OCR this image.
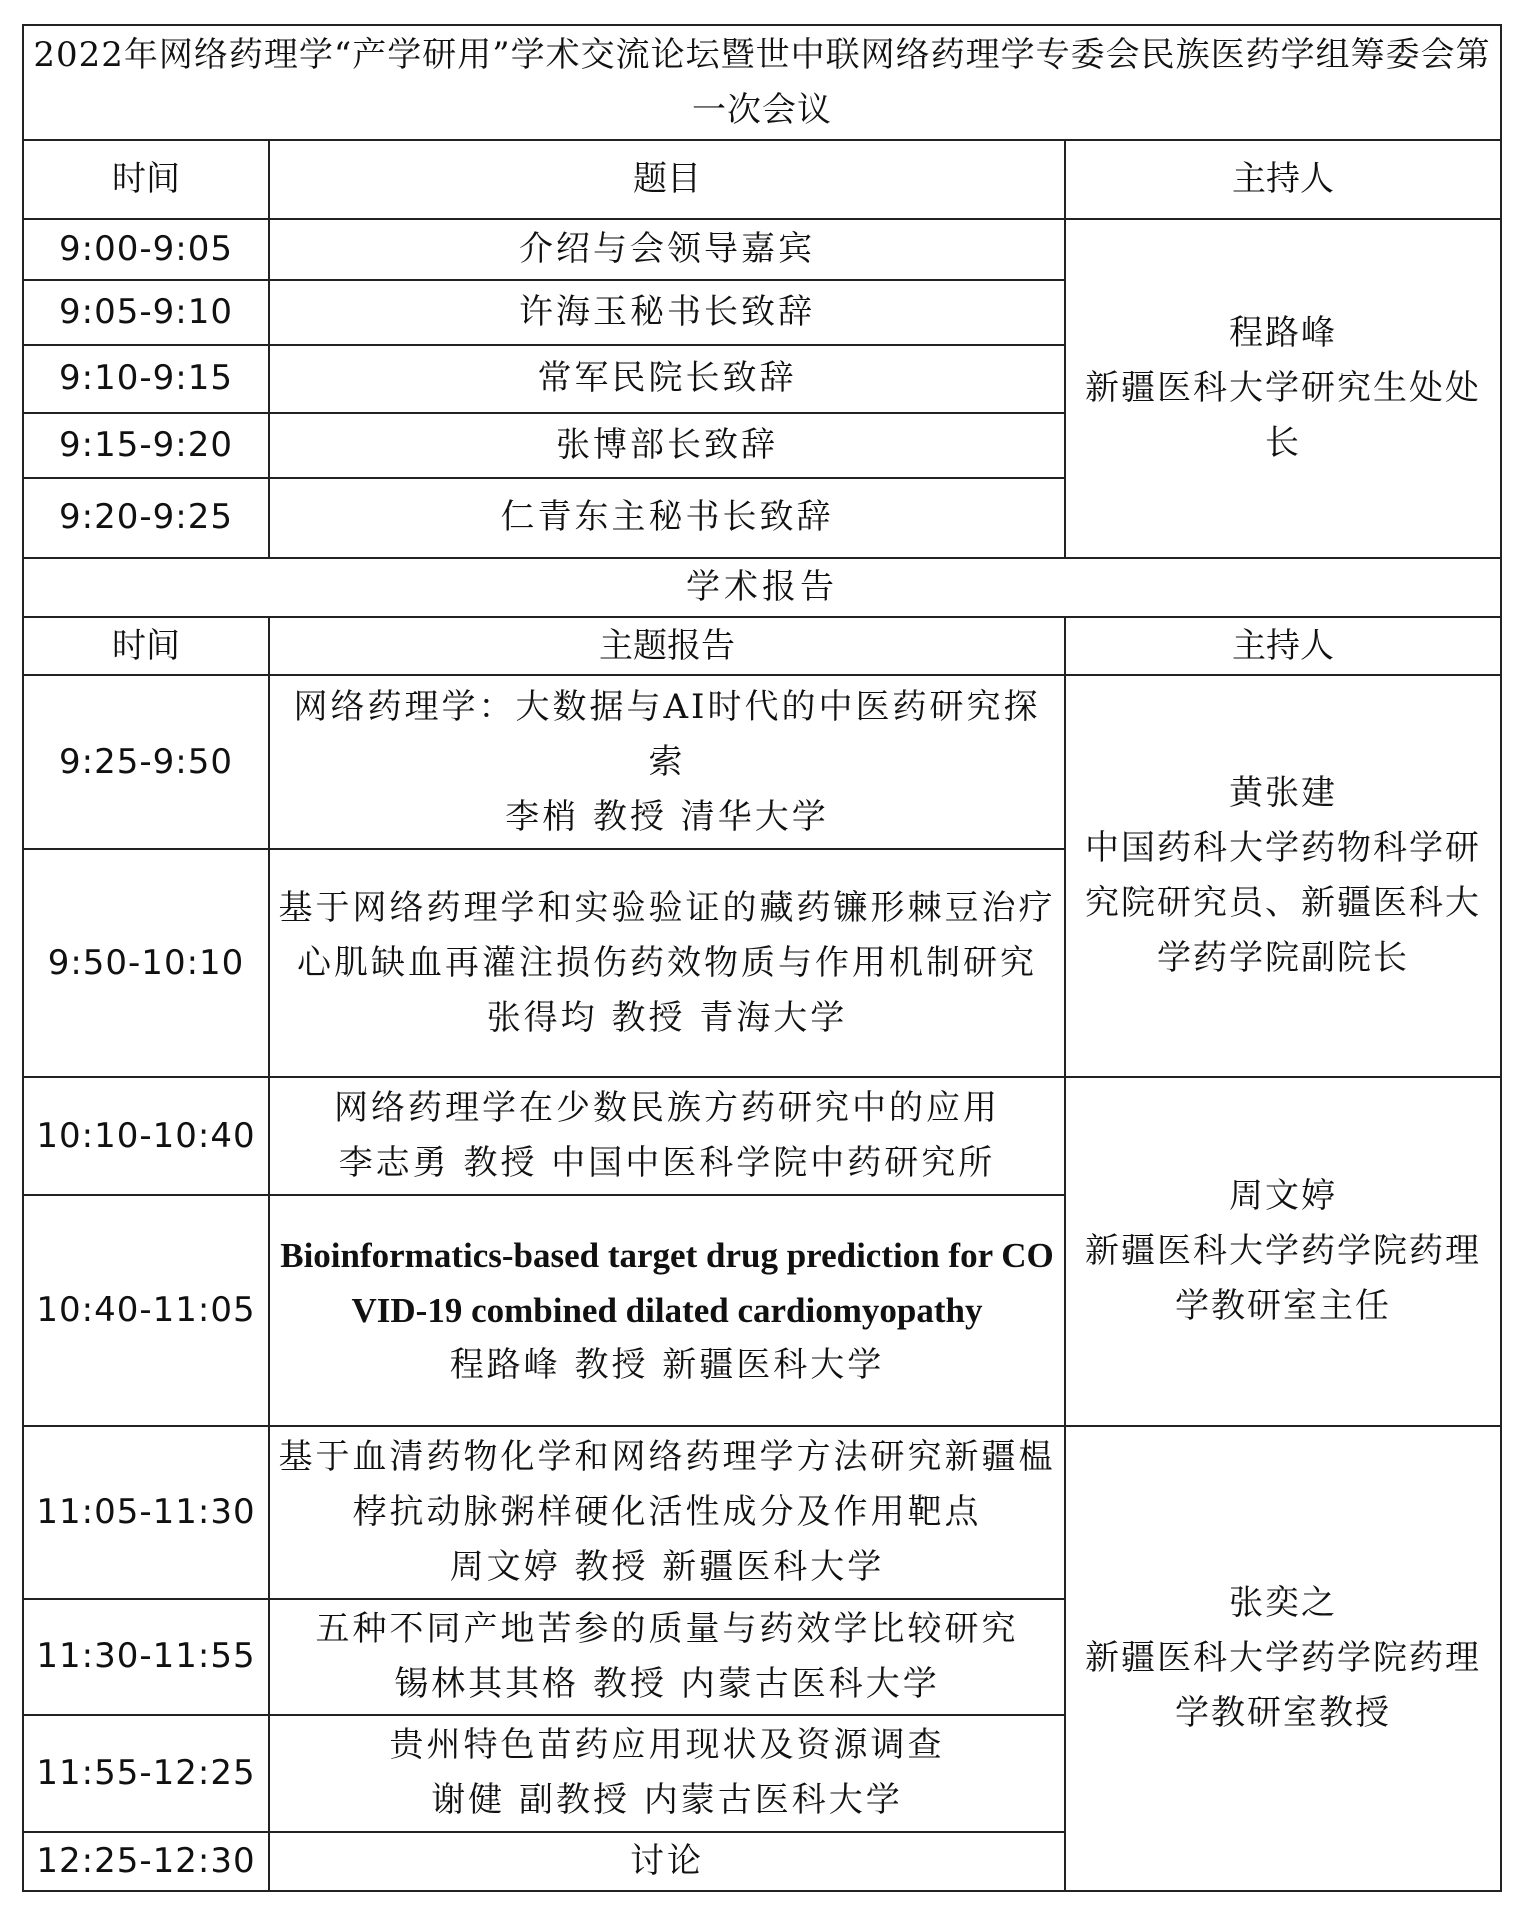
2022年网络药理学“产学研用”学术交流论坛暨世中联网络药理学专委会民族医药学组筹委会第一次会议		
时间	题目	主持人
9:00-9:05	介绍与会领导嘉宾	程路峰
新疆医科大学研究生处处长

9:05-9:10	许海玉秘书长致辞	
9:10-9:15	常军民院长致辞	
9:15-9:20	张博部长致辞	
9:20-9:25	仁青东主秘书长致辞	
学术报告		
时间	主题报告	主持人
9:25-9:50	网络药理学：大数据与AI时代的中医药研究探索
李梢 教授 清华大学	黄张建
中国药科大学药物科学研究院研究员、新疆医科大学药学院副院长

9:50-10:10	基于网络药理学和实验验证的藏药镰形棘豆治疗心肌缺血再灌注损伤药效物质与作用机制研究
张得均 教授 青海大学	

10:10-10:40	网络药理学在少数民族方药研究中的应用
李志勇 教授 中国中医科学院中药研究所	周文婷
新疆医科大学药学院药理学教研室主任

10:40-11:05	Bioinformatics-based target drug prediction for COVID-19 combined dilated cardiomyopathy
程路峰 教授 新疆医科大学	

11:05-11:30	基于血清药物化学和网络药理学方法研究新疆榅桲抗动脉粥样硬化活性成分及作用靶点
周文婷 教授 新疆医科大学	张奕之
新疆医科大学药学院药理学教研室教授

11:30-11:55	五种不同产地苦参的质量与药效学比较研究
锡林其其格 教授 内蒙古医科大学	

11:55-12:25	贵州特色苗药应用现状及资源调查
谢健 副教授 内蒙古医科大学	

12:25-12:30	讨论	
